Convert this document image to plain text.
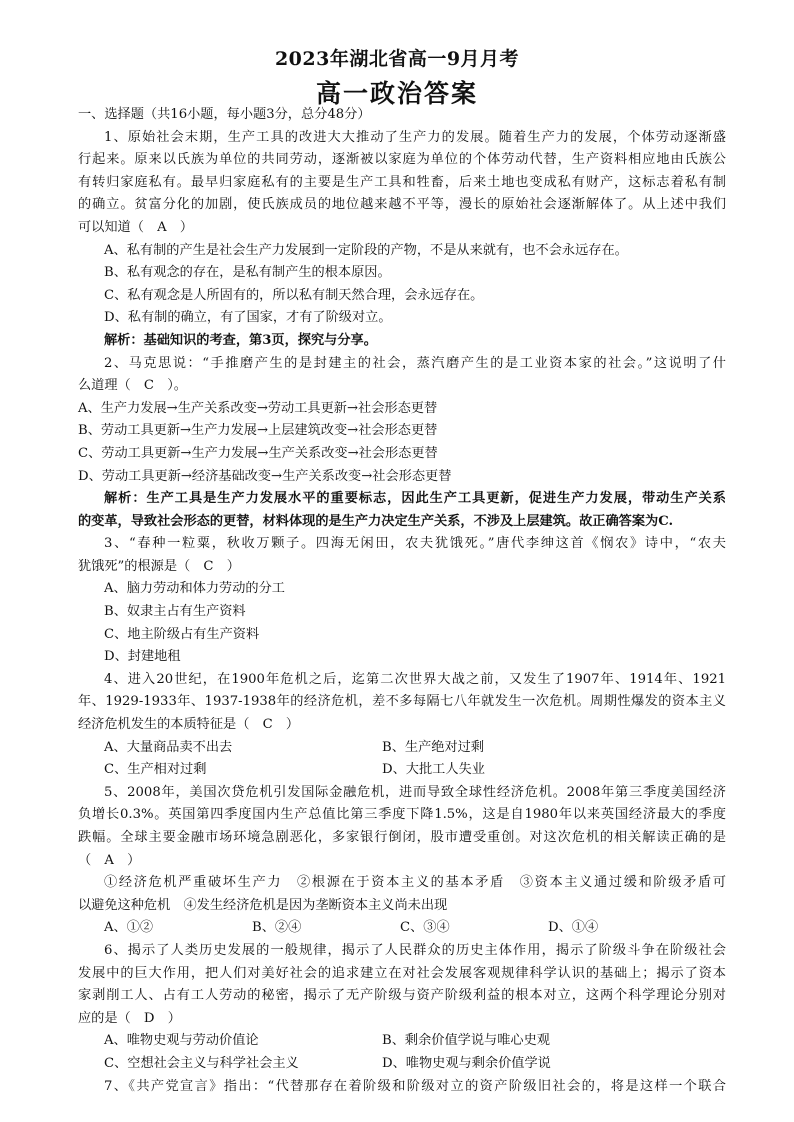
2023年湖北省高一9月月考
高一政治答案
一、选择题（共16小题，每小题3分，总分48分）
1、原始社会末期，生产工具的改进大大推动了生产力的发展。随着生产力的发展，个体劳动逐渐盛
行起来。原来以氏族为单位的共同劳动，逐渐被以家庭为单位的个体劳动代替，生产资料相应地由氏族公
有转归家庭私有。最早归家庭私有的主要是生产工具和牲畜，后来土地也变成私有财产，这标志着私有制
的确立。贫富分化的加剧，使氏族成员的地位越来越不平等，漫长的原始社会逐渐解体了。从上述中我们
可以知道（　A　）
A、私有制的产生是社会生产力发展到一定阶段的产物，不是从来就有，也不会永远存在。
B、私有观念的存在，是私有制产生的根本原因。
C、私有观念是人所固有的，所以私有制天然合理，会永远存在。
D、私有制的确立，有了国家，才有了阶级对立。
解析：基础知识的考查，第3页，探究与分享。
2、马克思说：“手推磨产生的是封建主的社会，蒸汽磨产生的是工业资本家的社会。”这说明了什
么道理（　C　）。
A、生产力发展→生产关系改变→劳动工具更新→社会形态更替
B、劳动工具更新→生产力发展→上层建筑改变→社会形态更替
C、劳动工具更新→生产力发展→生产关系改变→社会形态更替
D、劳动工具更新→经济基础改变→生产关系改变→社会形态更替
解析：生产工具是生产力发展水平的重要标志，因此生产工具更新，促进生产力发展，带动生产关系
的变革，导致社会形态的更替，材料体现的是生产力决定生产关系，不涉及上层建筑。故正确答案为C.
3、“春种一粒粟，秋收万颗子。四海无闲田，农夫犹饿死。”唐代李绅这首《悯农》诗中，“农夫
犹饿死”的根源是（　C　）
A、脑力劳动和体力劳动的分工
B、奴隶主占有生产资料
C、地主阶级占有生产资料
D、封建地租
4、进入20世纪，在1900年危机之后，迄第二次世界大战之前，又发生了1907年、1914年、1921
年、1929-1933年、1937-1938年的经济危机，差不多每隔七八年就发生一次危机。周期性爆发的资本主义
经济危机发生的本质特征是（　C　）
A、大量商品卖不出去	B、生产绝对过剩
C、生产相对过剩	D、大批工人失业
5、2008年，美国次贷危机引发国际金融危机，进而导致全球性经济危机。2008年第三季度美国经济
负增长0.3%。英国第四季度国内生产总值比第三季度下降1.5%，这是自1980年以来英国经济最大的季度
跌幅。全球主要金融市场环境急剧恶化，多家银行倒闭，股市遭受重创。对这次危机的相关解读正确的是
（　A　）
①经济危机严重破坏生产力　②根源在于资本主义的基本矛盾　③资本主义通过缓和阶级矛盾可
以避免这种危机　④发生经济危机是因为垄断资本主义尚未出现
A、①②	B、②④	C、③④	D、①④
6、揭示了人类历史发展的一般规律，揭示了人民群众的历史主体作用，揭示了阶级斗争在阶级社会
发展中的巨大作用，把人们对美好社会的追求建立在对社会发展客观规律科学认识的基础上；揭示了资本
家剥削工人、占有工人劳动的秘密，揭示了无产阶级与资产阶级利益的根本对立，这两个科学理论分别对
应的是（　D　）
A、唯物史观与劳动价值论	B、剩余价值学说与唯心史观
C、空想社会主义与科学社会主义	D、唯物史观与剩余价值学说
7、《共产党宣言》指出：“代替那存在着阶级和阶级对立的资产阶级旧社会的，将是这样一个联合
